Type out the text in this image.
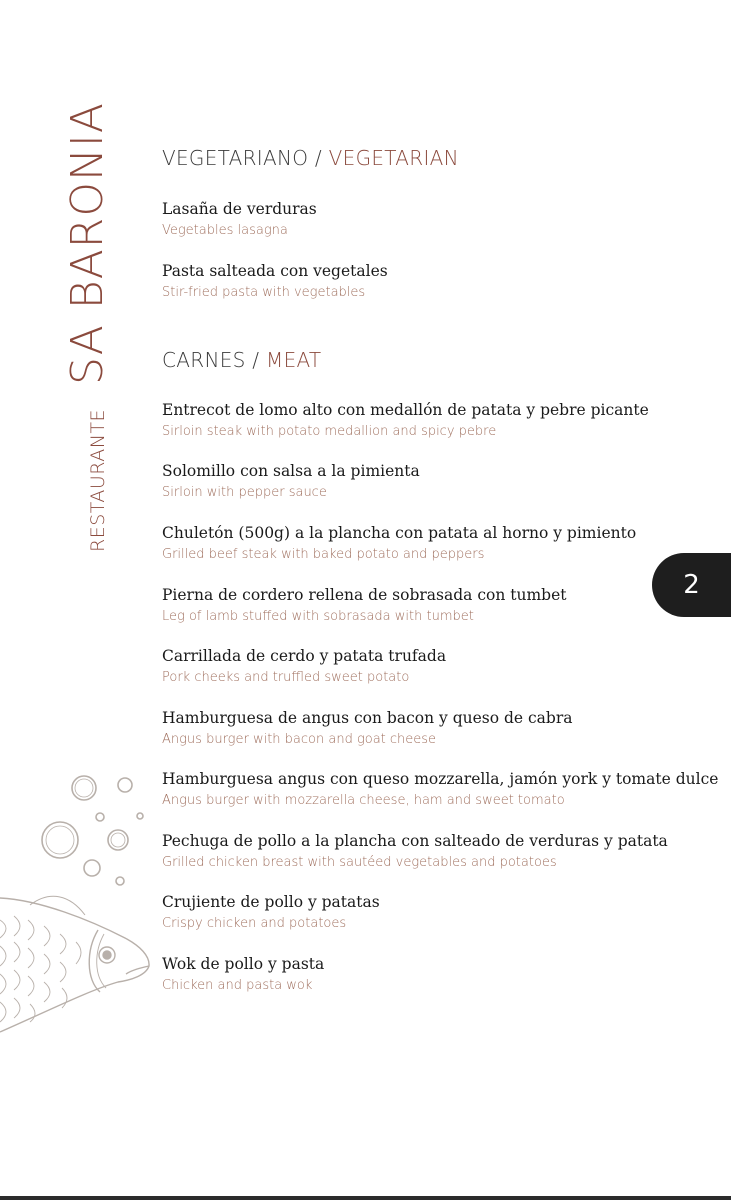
RESTAURANTE
SA BARONIA VEGETARIANO / VEGETARIAN
Lasaña de verduras
Vegetables lasagna
Pasta salteada con vegetales
Stir-fried pasta with vegetables
CARNES / MEAT
Entrecot de lomo alto con medallón de patata y pebre picante
Sirloin steak with potato medallion and spicy pebre
Solomillo con salsa a la pimienta
Sirloin with pepper sauce
Chuletón (500g) a la plancha con patata al horno y pimiento
Grilled beef steak with baked potato and peppers
Pierna de cordero rellena de sobrasada con tumbet
Leg of lamb stuffed with sobrasada with tumbet
Carrillada de cerdo y patata trufada
Pork cheeks and truffled sweet potato
Hamburguesa de angus con bacon y queso de cabra
Angus burger with bacon and goat cheese
Hamburguesa angus con queso mozzarella, jamón york y tomate dulce
Angus burger with mozzarella cheese, ham and sweet tomato
Pechuga de pollo a la plancha con salteado de verduras y patata
Grilled chicken breast with sautéed vegetables and potatoes
Crujiente de pollo y patatas
Crispy chicken and potatoes
Wok de pollo y pasta
Chicken and pasta wok
2
